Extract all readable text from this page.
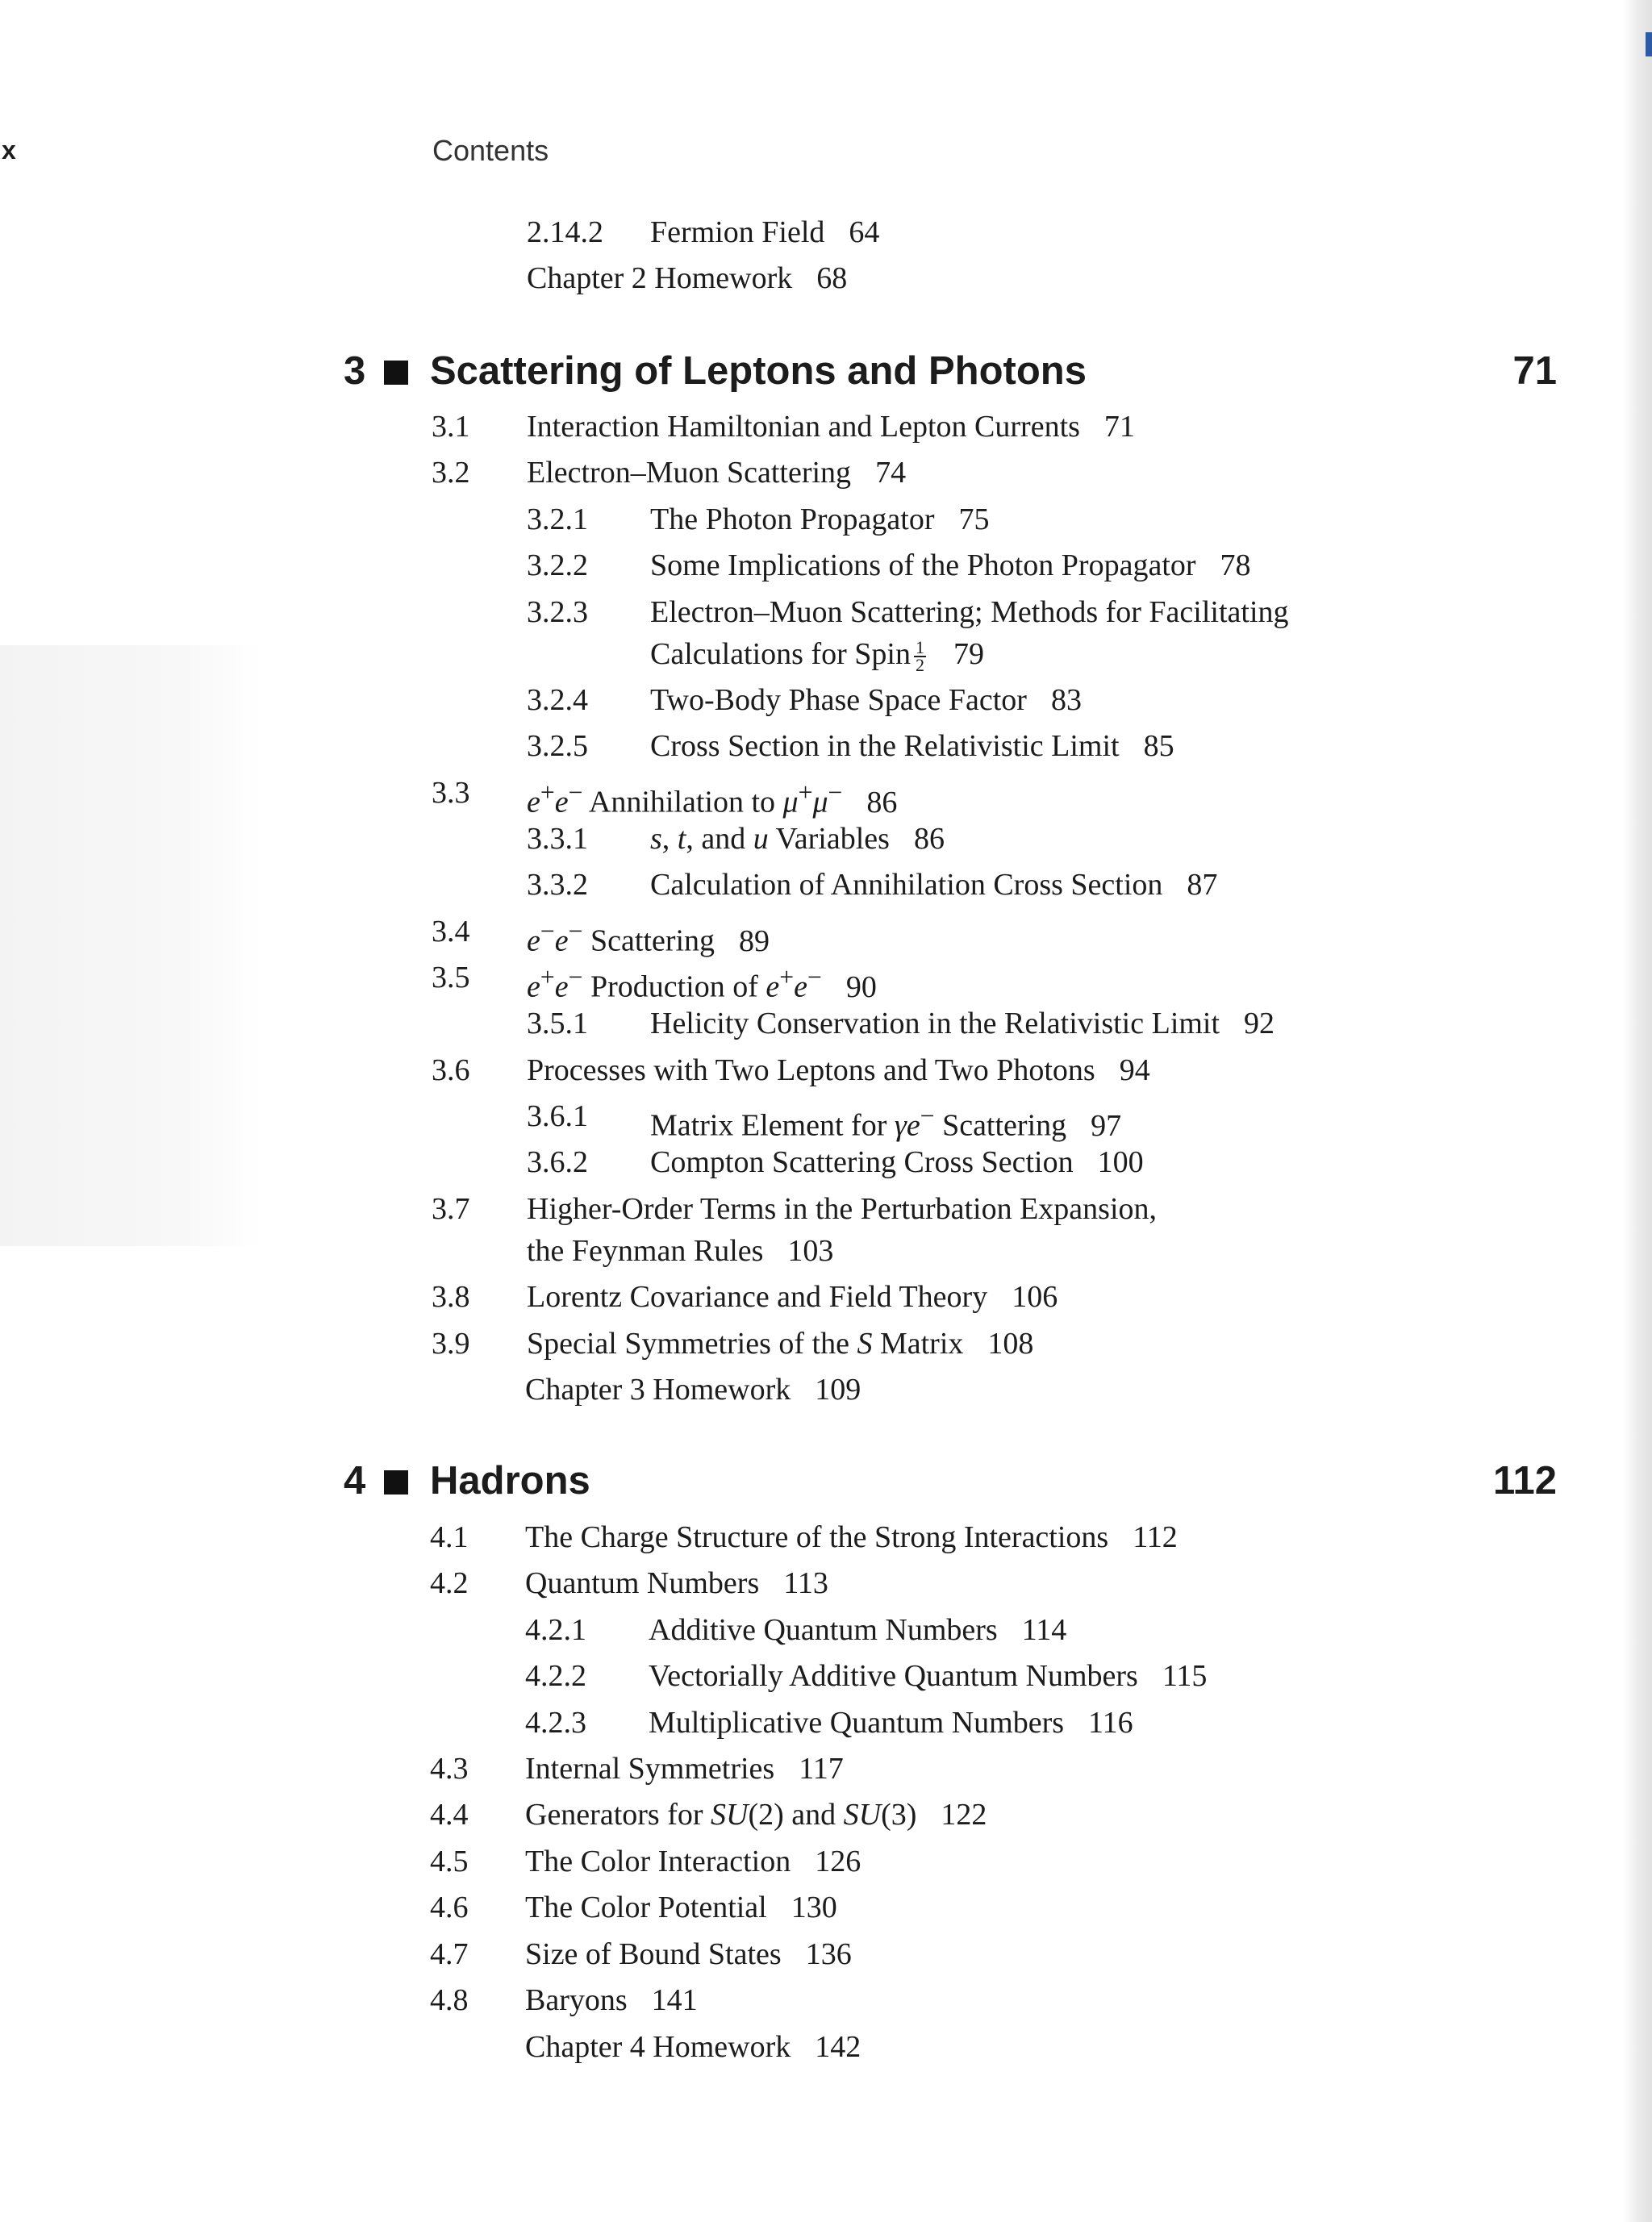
x	Contents
2.14.2 Fermion Field 64
Chapter 2 Homework 68
3 Scattering of Leptons and Photons	71
3.1 Interaction Hamiltonian and Lepton Currents 71
3.2 Electron–Muon Scattering 74
3.2.1 The Photon Propagator 75
3.2.2 Some Implications of the Photon Propagator 78
3.2.3 Electron–Muon Scattering; Methods for Facilitating
Calculations for Spin $\frac{1}{2} 79$
3.2.4 Two-Body Phase Space Factor 83
3.2.5 Cross Section in the Relativistic Limit 85
3.3 e+e− Annihilation to μ+μ− 86
3.3.1 s, t, and u Variables 86
3.3.2 Calculation of Annihilation Cross Section 87
3.4 e−e− Scattering 89
3.5 e+e− Production of e+e− 90
3.5.1 Helicity Conservation in the Relativistic Limit 92
3.6 Processes with Two Leptons and Two Photons 94
3.6.1 Matrix Element for γe− Scattering 97
3.6.2 Compton Scattering Cross Section 100
3.7 Higher-Order Terms in the Perturbation Expansion,
the Feynman Rules 103
3.8 Lorentz Covariance and Field Theory 106
3.9 Special Symmetries of the S Matrix 108
Chapter 3 Homework 109
4 Hadrons	112
4.1 The Charge Structure of the Strong Interactions 112
4.2 Quantum Numbers 113
4.2.1 Additive Quantum Numbers 114
4.2.2 Vectorially Additive Quantum Numbers 115
4.2.3 Multiplicative Quantum Numbers 116
4.3 Internal Symmetries 117
4.4 Generators for SU(2) and SU(3) 122
4.5 The Color Interaction 126
4.6 The Color Potential 130
4.7 Size of Bound States 136
4.8 Baryons 141
Chapter 4 Homework 142
